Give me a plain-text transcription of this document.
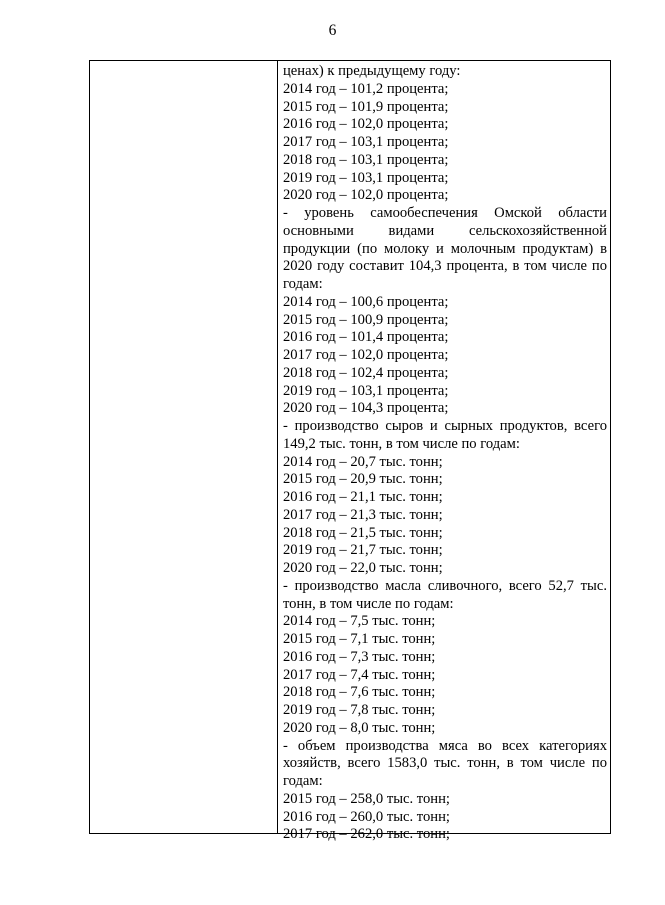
6
ценах) к предыдущему году:
2014 год – 101,2 процента;
2015 год – 101,9 процента;
2016 год – 102,0 процента;
2017 год – 103,1 процента;
2018 год – 103,1 процента;
2019 год – 103,1 процента;
2020 год – 102,0 процента;
- уровень самообеспечения Омской области
основными видами сельскохозяйственной
продукции (по молоку и молочным продуктам) в
2020 году составит 104,3 процента, в том числе по
годам:
2014 год – 100,6 процента;
2015 год – 100,9 процента;
2016 год – 101,4 процента;
2017 год – 102,0 процента;
2018 год – 102,4 процента;
2019 год – 103,1 процента;
2020 год – 104,3 процента;
- производство сыров и сырных продуктов, всего
149,2 тыс. тонн, в том числе по годам:
2014 год – 20,7 тыс. тонн;
2015 год – 20,9 тыс. тонн;
2016 год – 21,1 тыс. тонн;
2017 год – 21,3 тыс. тонн;
2018 год – 21,5 тыс. тонн;
2019 год – 21,7 тыс. тонн;
2020 год – 22,0 тыс. тонн;
- производство масла сливочного, всего 52,7 тыс.
тонн, в том числе по годам:
2014 год – 7,5 тыс. тонн;
2015 год – 7,1 тыс. тонн;
2016 год – 7,3 тыс. тонн;
2017 год – 7,4 тыс. тонн;
2018 год – 7,6 тыс. тонн;
2019 год – 7,8 тыс. тонн;
2020 год – 8,0 тыс. тонн;
- объем производства мяса во всех категориях
хозяйств, всего 1583,0 тыс. тонн, в том числе по
годам:
2015 год – 258,0 тыс. тонн;
2016 год – 260,0 тыс. тонн;
2017 год – 262,0 тыс. тонн;
